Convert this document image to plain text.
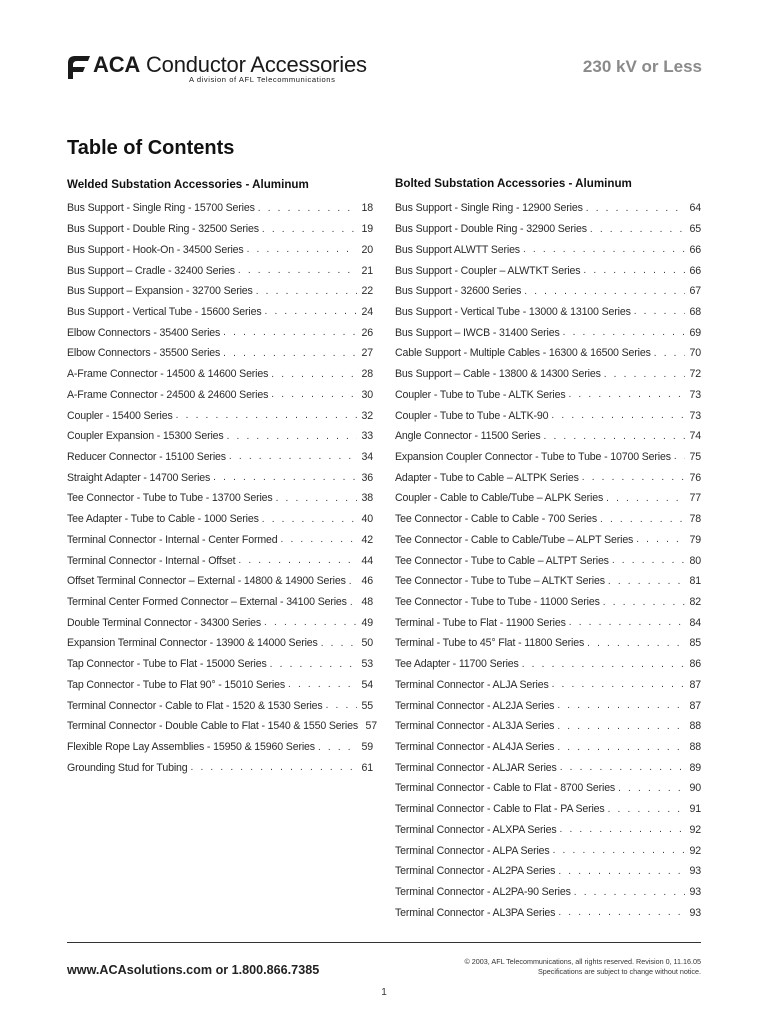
ACA Conductor Accessories
A division of AFL Telecommunications
230 kV or Less
Table of Contents
Welded Substation Accessories - Aluminum
Bus Support - Single Ring - 15700 Series . . .	18
Bus Support - Double Ring - 32500 Series . . .	19
Bus Support - Hook-On - 34500 Series . . .	20
Bus Support – Cradle - 32400 Series . . .	21
Bus Support – Expansion - 32700 Series . . .	22
Bus Support - Vertical Tube - 15600 Series . . .	24
Elbow Connectors - 35400 Series . . .	26
Elbow Connectors - 35500 Series . . .	27
A-Frame Connector - 14500 & 14600 Series . . .	28
A-Frame Connector - 24500 & 24600 Series . . .	30
Coupler - 15400 Series . . .	32
Coupler Expansion - 15300 Series . . .	33
Reducer Connector - 15100 Series . . .	34
Straight Adapter - 14700 Series . . .	36
Tee Connector - Tube to Tube - 13700 Series . . .	38
Tee Adapter - Tube to Cable - 1000 Series . . .	40
Terminal Connector - Internal - Center Formed . . .	42
Terminal Connector - Internal - Offset . . .	44
Offset Terminal Connector – External - 14800 & 14900 Series . . . 46
Terminal Center Formed Connector – External - 34100 Series . . . 48
Double Terminal Connector - 34300 Series . . .	49
Expansion Terminal Connector - 13900 & 14000 Series . . .	50
Tap Connector - Tube to Flat - 15000 Series . . .	53
Tap Connector - Tube to Flat 90° - 15010 Series . . .	54
Terminal Connector - Cable to Flat - 1520 & 1530 Series . . .	55
Terminal Connector - Double Cable to Flat - 1540 & 1550 Series 57
Flexible Rope Lay Assemblies - 15950 & 15960 Series . . .	59
Grounding Stud for Tubing . . .	61
Bolted Substation Accessories - Aluminum
Bus Support - Single Ring - 12900 Series . . .	64
Bus Support - Double Ring - 32900 Series . . .	65
Bus Support ALWTT Series . . .	66
Bus Support - Coupler – ALWTKT Series . . .	66
Bus Support - 32600 Series . . .	67
Bus Support - Vertical Tube - 13000 & 13100 Series . . .	68
Bus Support – IWCB - 31400 Series . . .	69
Cable Support - Multiple Cables - 16300 & 16500 Series . . .	70
Bus Support – Cable - 13800 & 14300 Series . . .	72
Coupler - Tube to Tube - ALTK Series . . .	73
Coupler - Tube to Tube - ALTK-90 . . .	73
Angle Connector - 11500 Series . . .	74
Expansion Coupler Connector - Tube to Tube - 10700 Series . . . 75
Adapter - Tube to Cable – ALTPK Series . . .	76
Coupler - Cable to Cable/Tube – ALPK Series . . .	77
Tee Connector - Cable to Cable - 700 Series . . .	78
Tee Connector - Cable to Cable/Tube – ALPT Series . . .	79
Tee Connector - Tube to Cable – ALTPT Series . . .	80
Tee Connector - Tube to Tube – ALTKT Series . . .	81
Tee Connector - Tube to Tube - 11000 Series . . .	82
Terminal - Tube to Flat - 11900 Series . . .	84
Terminal - Tube to 45° Flat - 11800 Series . . .	85
Tee Adapter - 11700 Series . . .	86
Terminal Connector - ALJA Series . . .	87
Terminal Connector - AL2JA Series . . .	87
Terminal Connector - AL3JA Series . . .	88
Terminal Connector - AL4JA Series . . .	88
Terminal Connector - ALJAR Series . . .	89
Terminal Connector - Cable to Flat - 8700 Series . . .	90
Terminal Connector - Cable to Flat - PA Series . . .	91
Terminal Connector - ALXPA Series . . .	92
Terminal Connector - ALPA Series . . .	92
Terminal Connector - AL2PA Series . . .	93
Terminal Connector - AL2PA-90 Series . . .	93
Terminal Connector - AL3PA Series . . .	93
www.ACAsolutions.com or 1.800.866.7385
© 2003, AFL Telecommunications, all rights reserved. Revision 0, 11.16.05
Specifications are subject to change without notice.
1
